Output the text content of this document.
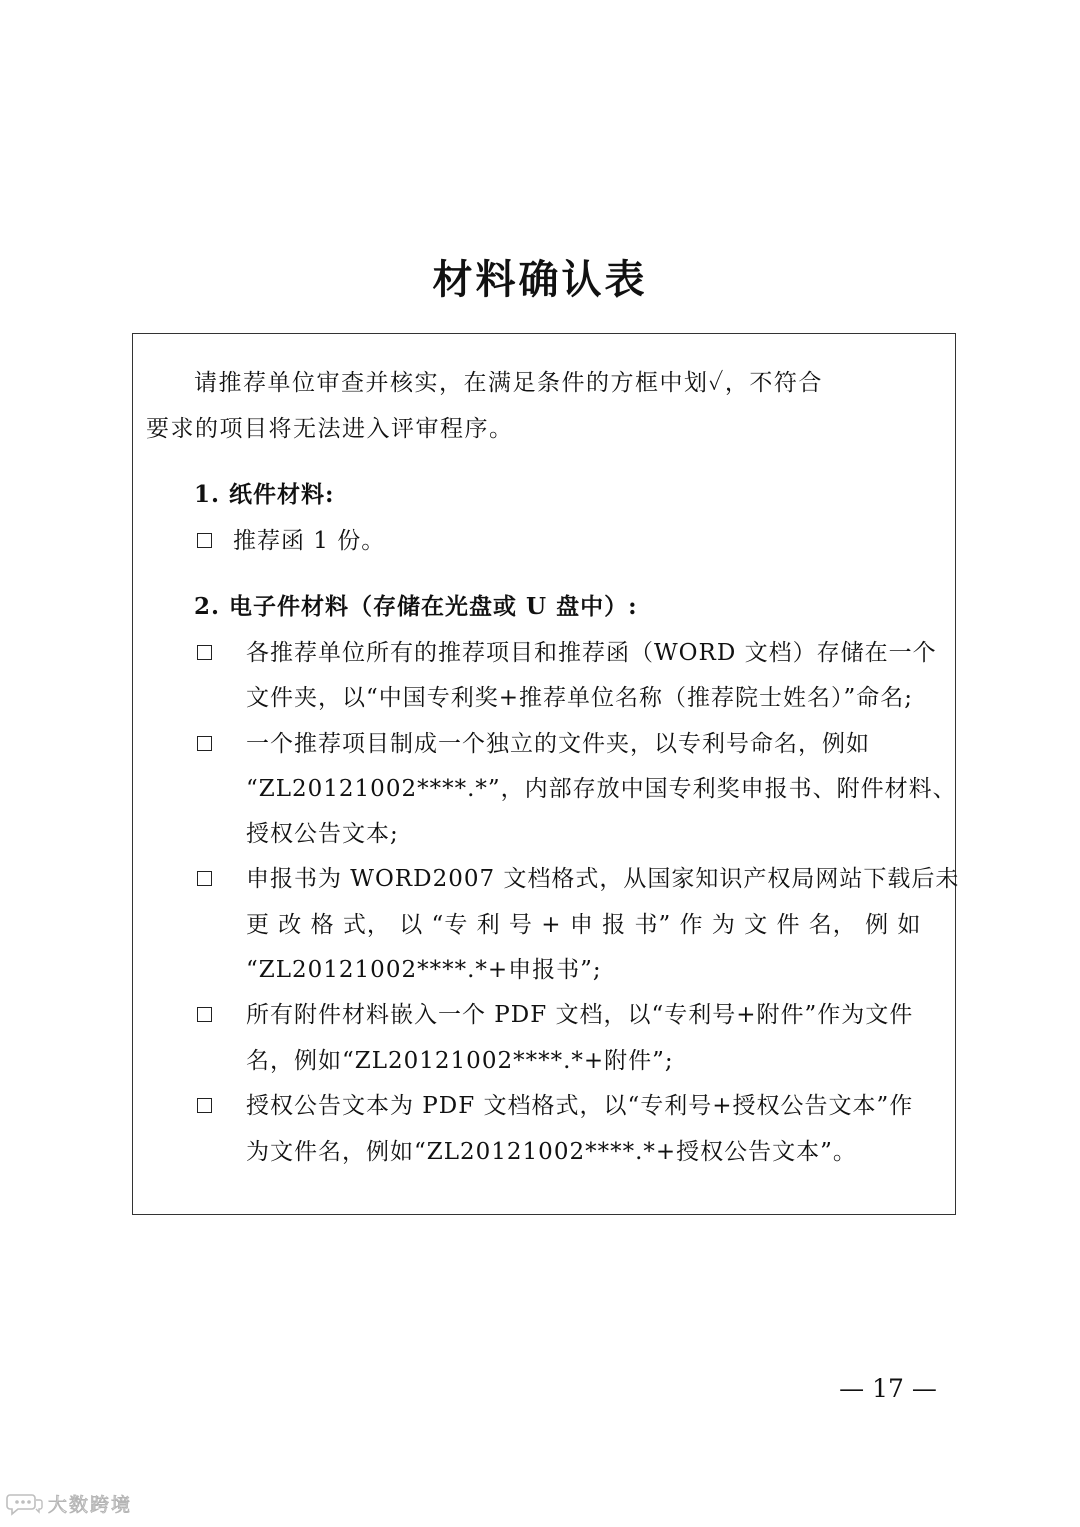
材料确认表
请推荐单位审查并核实，在满足条件的方框中划✓，不符合
要求的项目将无法进入评审程序。
1. 纸件材料:
推荐函 1 份。
2. 电子件材料（存储在光盘或 U 盘中）:
各推荐单位所有的推荐项目和推荐函（WORD 文档）存储在一个
文件夹，以“中国专利奖+推荐单位名称（推荐院士姓名）”命名;
一个推荐项目制成一个独立的文件夹，以专利号命名，例如
“ZL20121002****.*”，内部存放中国专利奖申报书、附件材料、
授权公告文本;
申报书为 WORD2007 文档格式，从国家知识产权局网站下载后未
更 改 格 式， 以 “专 利 号 + 申 报 书” 作 为 文 件 名， 例 如
“ZL20121002****.*+申报书”;
所有附件材料嵌入一个 PDF 文档，以“专利号+附件”作为文件
名，例如“ZL20121002****.*+附件”;
授权公告文本为 PDF 文档格式，以“专利号+授权公告文本”作
为文件名，例如“ZL20121002****.*+授权公告文本”。
— 17 —
大数跨境
